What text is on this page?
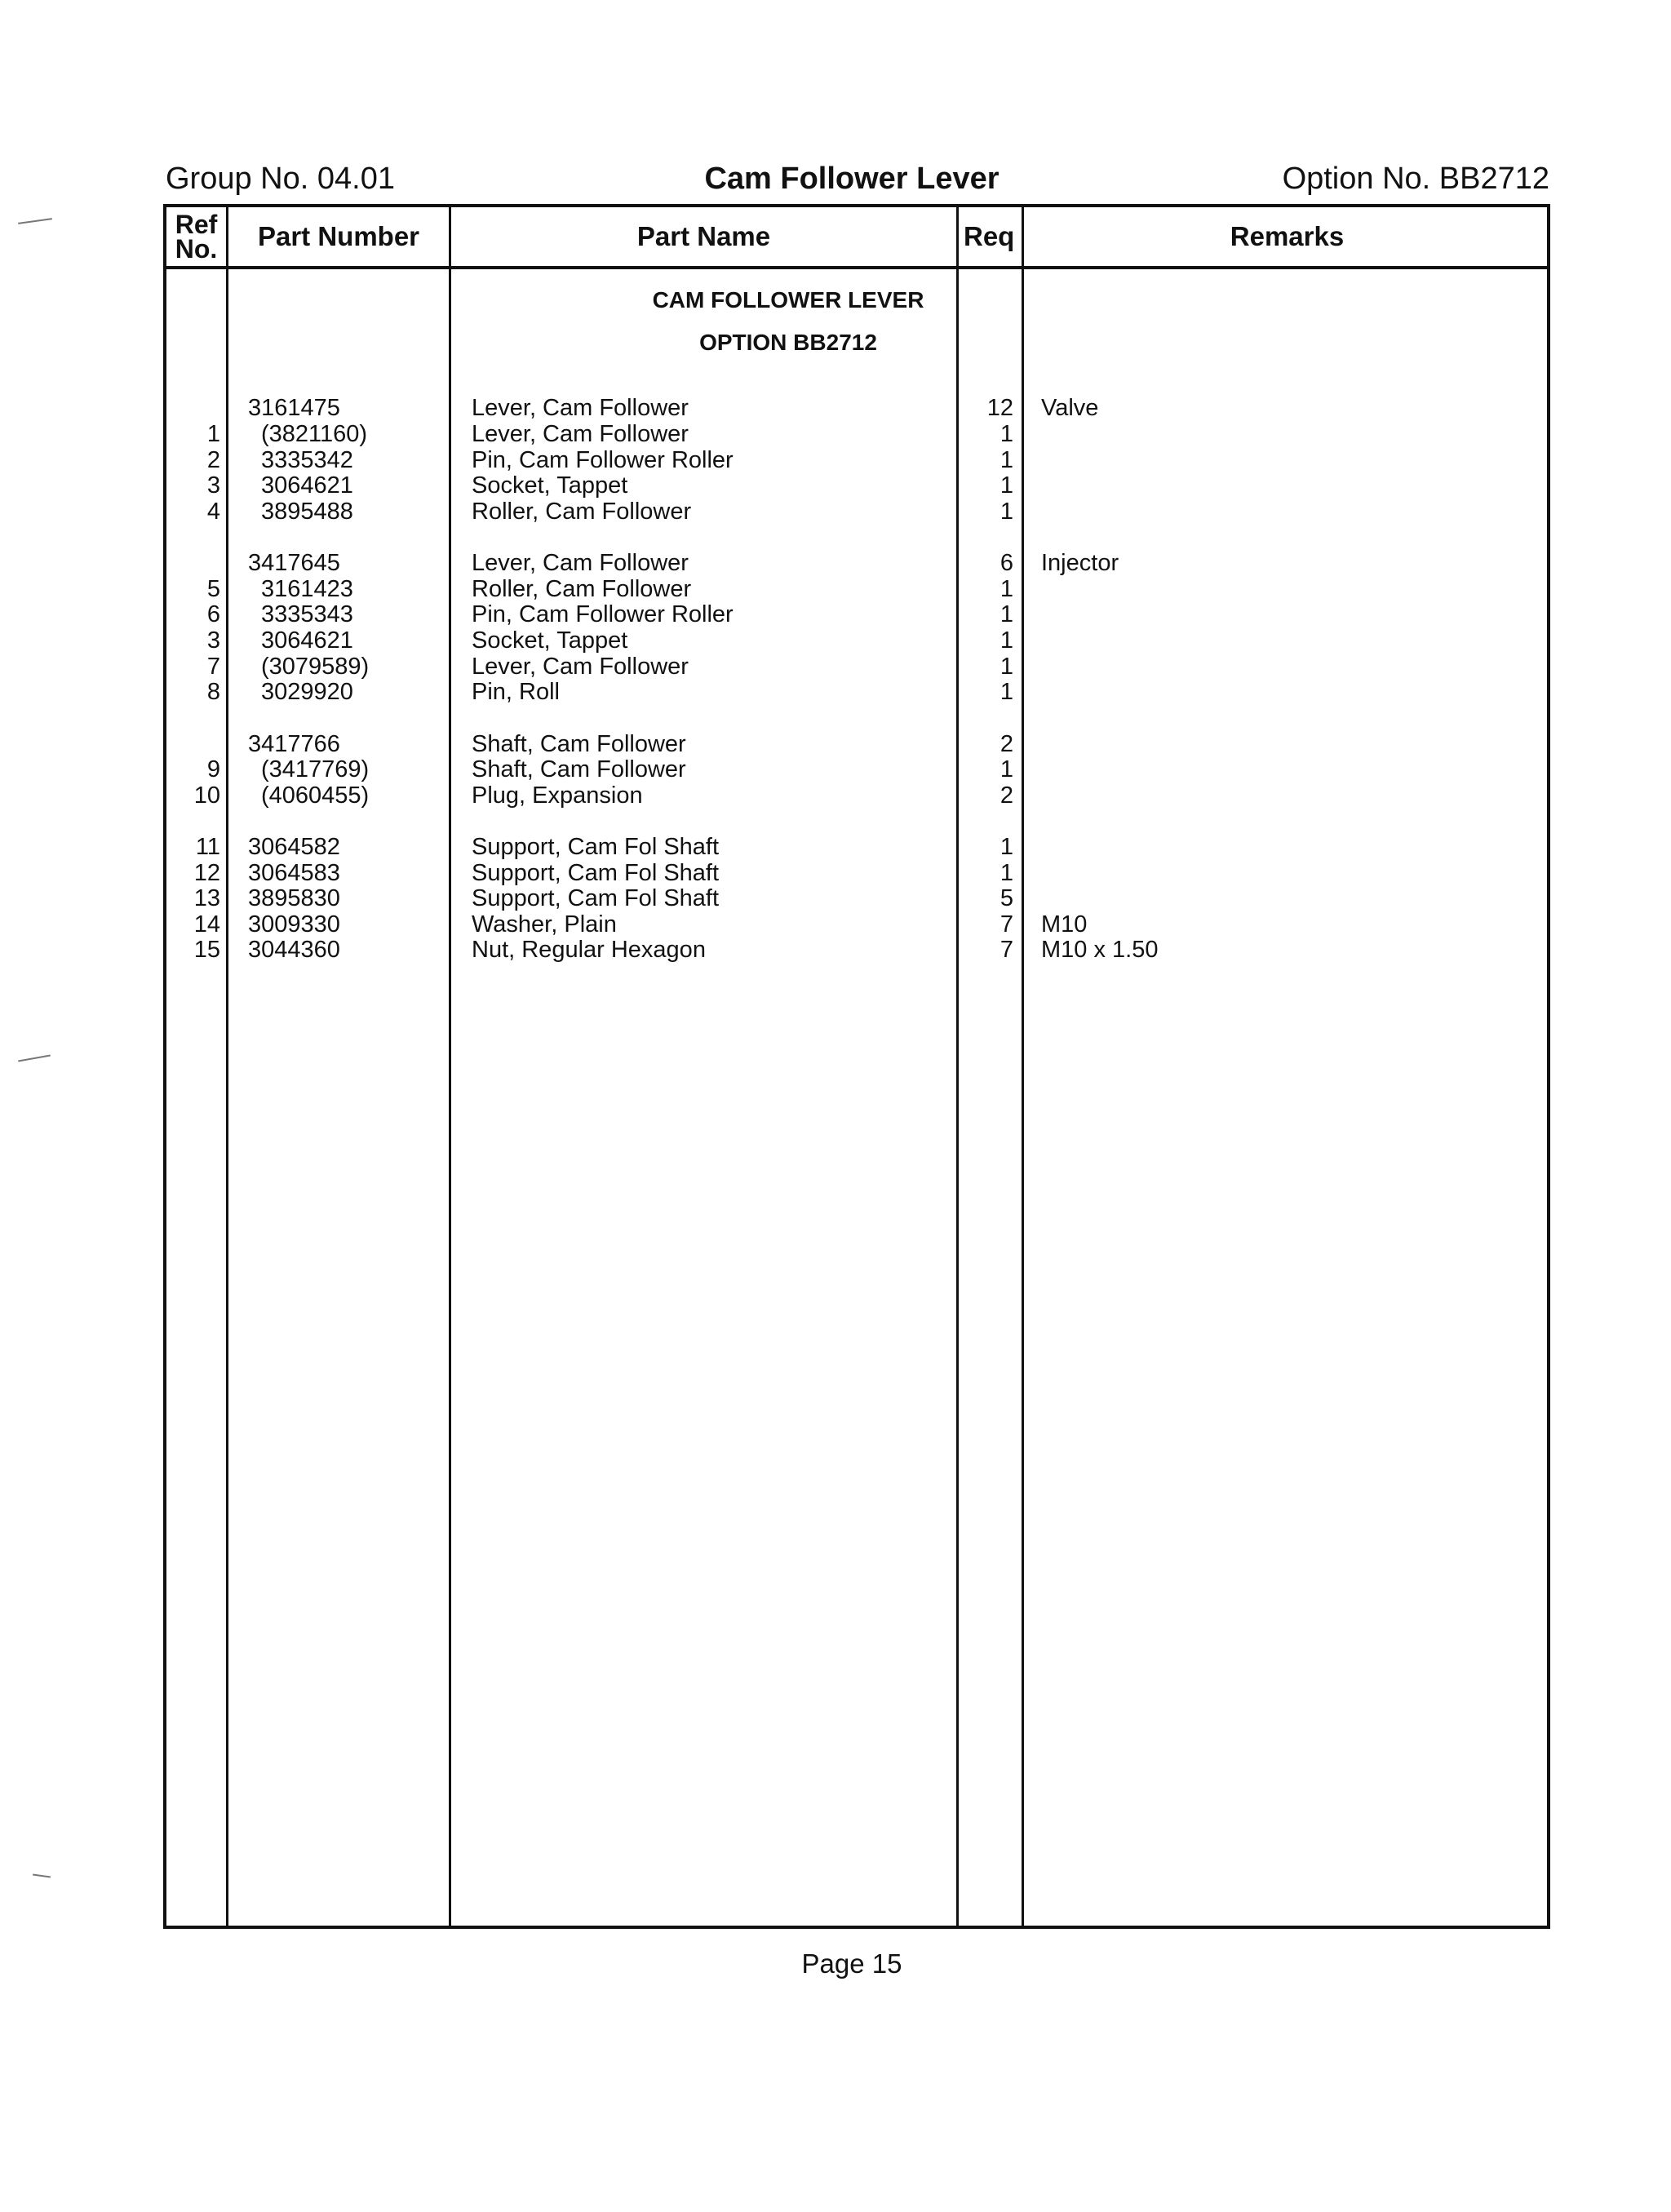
Group No. 04.01	Cam Follower Lever	Option No. BB2712
Ref
No.	Part Number	Part Name	Req	Remarks
CAM FOLLOWER LEVER
OPTION BB2712
3161475	Lever, Cam Follower	12 Valve
1 (3821160)	Lever, Cam Follower	1
2 3335342	Pin, Cam Follower Roller	1
3 3064621	Socket, Tappet	1
4 3895488	Roller, Cam Follower	1
3417645	Lever, Cam Follower	6 Injector
5 3161423	Roller, Cam Follower	1
6 3335343	Pin, Cam Follower Roller	1
3 3064621	Socket, Tappet	1
7 (3079589)	Lever, Cam Follower	1
8 3029920	Pin, Roll	1
3417766	Shaft, Cam Follower	2
9 (3417769)	Shaft, Cam Follower	1
10 (4060455)	Plug, Expansion	2
11 3064582	Support, Cam Fol Shaft	1
12 3064583	Support, Cam Fol Shaft	1
13 3895830	Support, Cam Fol Shaft	5
14 3009330	Washer, Plain	7 M10
15 3044360	Nut, Regular Hexagon	7 M10 x 1.50
Page 15
